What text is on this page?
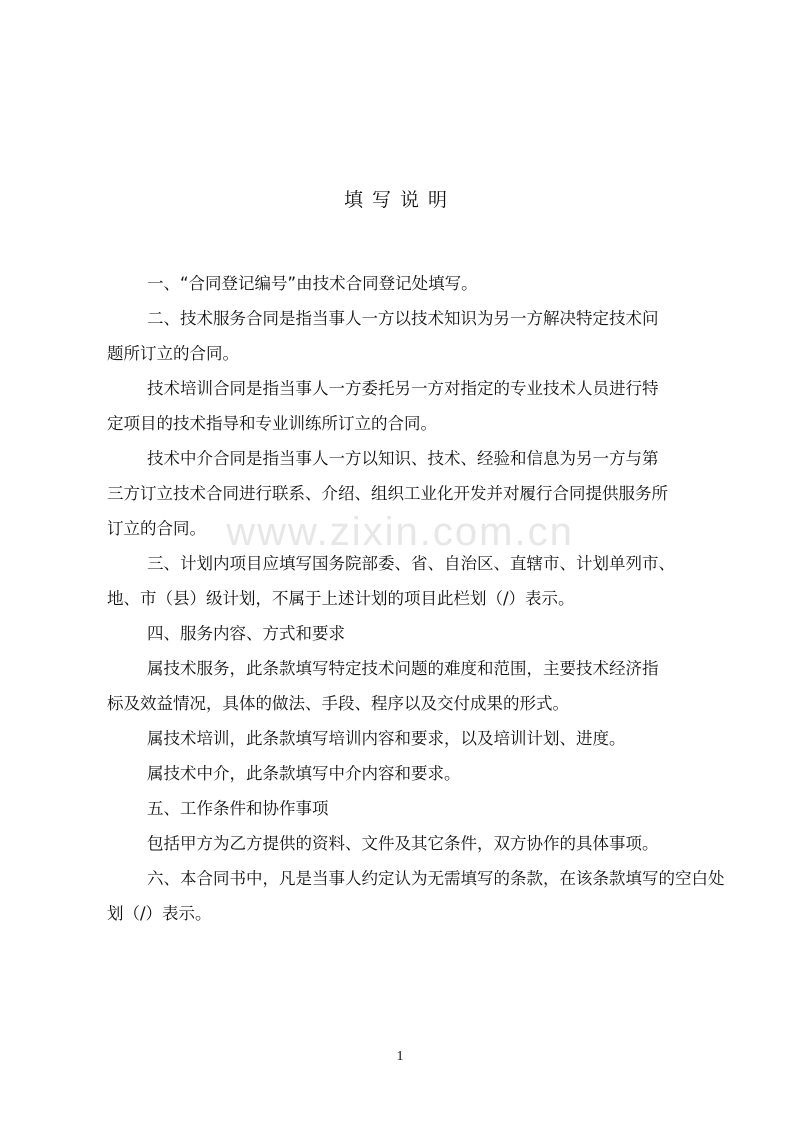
www.zixin.com.cn
填写说明
一、“合同登记编号”由技术合同登记处填写。
二、技术服务合同是指当事人一方以技术知识为另一方解决特定技术问
题所订立的合同。
技术培训合同是指当事人一方委托另一方对指定的专业技术人员进行特
定项目的技术指导和专业训练所订立的合同。
技术中介合同是指当事人一方以知识、技术、经验和信息为另一方与第
三方订立技术合同进行联系、介绍、组织工业化开发并对履行合同提供服务所
订立的合同。
三、计划内项目应填写国务院部委、省、自治区、直辖市、计划单列市、
地、市（县）级计划，不属于上述计划的项目此栏划（/）表示。
四、服务内容、方式和要求
属技术服务，此条款填写特定技术问题的难度和范围，主要技术经济指
标及效益情况，具体的做法、手段、程序以及交付成果的形式。
属技术培训，此条款填写培训内容和要求，以及培训计划、进度。
属技术中介，此条款填写中介内容和要求。
五、工作条件和协作事项
包括甲方为乙方提供的资料、文件及其它条件，双方协作的具体事项。
六、本合同书中，凡是当事人约定认为无需填写的条款，在该条款填写的空白处
划（/）表示。
1
